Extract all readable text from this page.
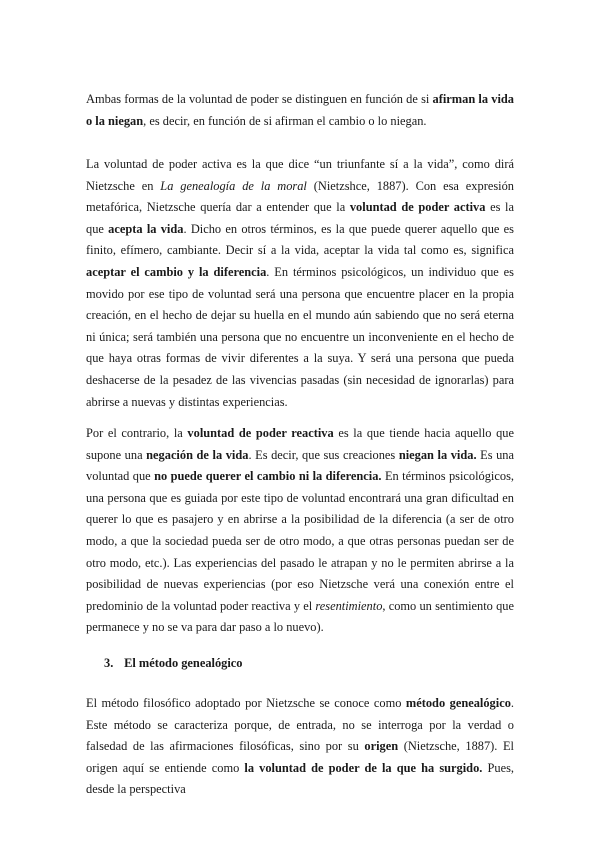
Ambas formas de la voluntad de poder se distinguen en función de si afirman la vida o la niegan, es decir, en función de si afirman el cambio o lo niegan.

La voluntad de poder activa es la que dice “un triunfante sí a la vida”, como dirá Nietzsche en La genealogía de la moral (Nietzshce, 1887). Con esa expresión metafórica, Nietzsche quería dar a entender que la voluntad de poder activa es la que acepta la vida. Dicho en otros términos, es la que puede querer aquello que es finito, efímero, cambiante. Decir sí a la vida, aceptar la vida tal como es, significa aceptar el cambio y la diferencia. En términos psicológicos, un individuo que es movido por ese tipo de voluntad será una persona que encuentre placer en la propia creación, en el hecho de dejar su huella en el mundo aún sabiendo que no será eterna ni única; será también una persona que no encuentre un inconveniente en el hecho de que haya otras formas de vivir diferentes a la suya. Y será una persona que pueda deshacerse de la pesadez de las vivencias pasadas (sin necesidad de ignorarlas) para abrirse a nuevas y distintas experiencias.

Por el contrario, la voluntad de poder reactiva es la que tiende hacia aquello que supone una negación de la vida. Es decir, que sus creaciones niegan la vida. Es una voluntad que no puede querer el cambio ni la diferencia. En términos psicológicos, una persona que es guiada por este tipo de voluntad encontrará una gran dificultad en querer lo que es pasajero y en abrirse a la posibilidad de la diferencia (a ser de otro modo, a que la sociedad pueda ser de otro modo, a que otras personas puedan ser de otro modo, etc.). Las experiencias del pasado le atrapan y no le permiten abrirse a la posibilidad de nuevas experiencias (por eso Nietzsche verá una conexión entre el predominio de la voluntad poder reactiva y el resentimiento, como un sentimiento que permanece y no se va para dar paso a lo nuevo).

3. El método genealógico

El método filosófico adoptado por Nietzsche se conoce como método genealógico. Este método se caracteriza porque, de entrada, no se interroga por la verdad o falsedad de las afirmaciones filosóficas, sino por su origen (Nietzsche, 1887). El origen aquí se entiende como la voluntad de poder de la que ha surgido. Pues, desde la perspectiva
